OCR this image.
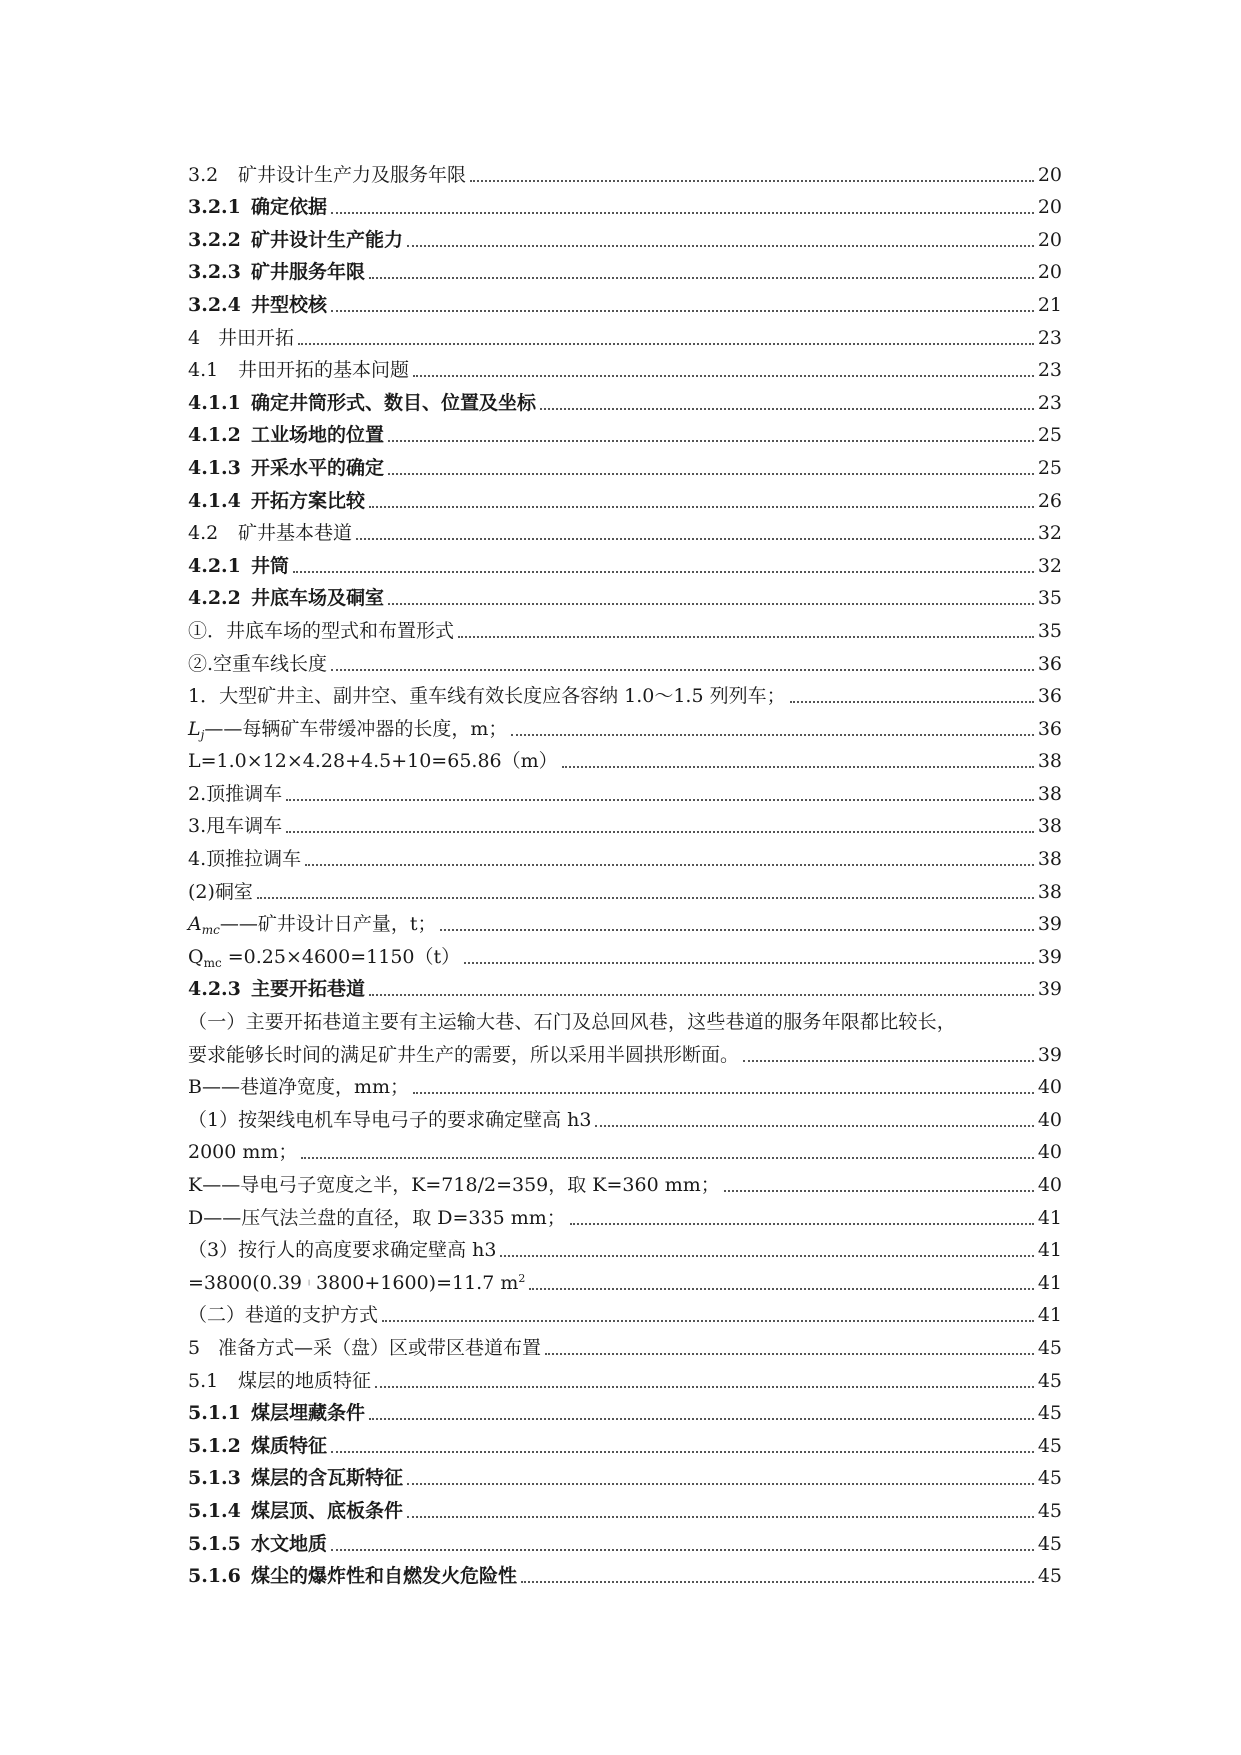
3.2	矿井设计生产力及服务年限	20
3.2.1 确定依据	20
3.2.2 矿井设计生产能力	20
3.2.3 矿井服务年限	20
3.2.4 井型校核	21
4 井田开拓	23
4.1	井田开拓的基本问题	23
4.1.1 确定井筒形式、数目、位置及坐标	23
4.1.2 工业场地的位置	25
4.1.3 开采水平的确定	25
4.1.4 开拓方案比较	26
4.2	矿井基本巷道	32
4.2.1 井筒	32
4.2.2 井底车场及硐室	35
①．井底车场的型式和布置形式	35
②.空重车线长度	36
1．大型矿井主、副井空、重车线有效长度应各容纳 1.0～1.5 列列车；	36
$L_j——$每辆矿车带缓冲器的长度，m；	36
L=1.0×12×4.28+4.5+10=65.86（m）	38
2.顶推调车	38
3.甩车调车	38
4.顶推拉调车	38
(2)硐室	38
$A_{mc}——$矿井设计日产量，t；	39
$Q_{mc} =0.25\times 4600=1150(t)$	39
4.2.3 主要开拓巷道	39
（一）主要开拓巷道主要有主运输大巷、石门及总回风巷，这些巷道的服务年限都比较长，
要求能够长时间的满足矿井生产的需要，所以采用半圆拱形断面。	39
B——巷道净宽度，mm；	40
（1）按架线电机车导电弓子的要求确定壁高 h3	40
2000 mm；	40
K——导电弓子宽度之半，K=718/2=359，取 K=360 mm；	40
D——压气法兰盘的直径，取 D=335 mm；	41
（3）按行人的高度要求确定壁高 h3	41
=3800(0.39 ╷ 3800+1600)=11.7 $m^2$	41
（二）巷道的支护方式	41
5 准备方式—采（盘）区或带区巷道布置	45
5.1	煤层的地质特征	45
5.1.1 煤层埋藏条件	45
5.1.2 煤质特征	45
5.1.3 煤层的含瓦斯特征	45
5.1.4 煤层顶、底板条件	45
5.1.5 水文地质	45
5.1.6 煤尘的爆炸性和自燃发火危险性	45
